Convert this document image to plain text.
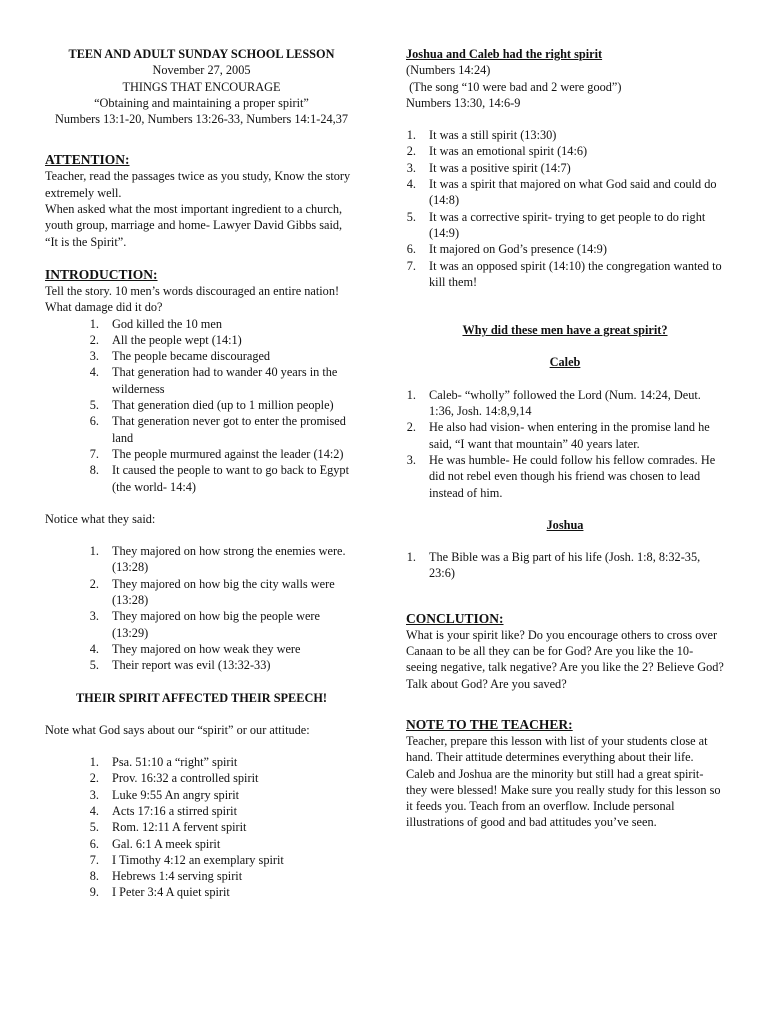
TEEN AND ADULT SUNDAY SCHOOL LESSON
November 27, 2005
THINGS THAT ENCOURAGE
“Obtaining and maintaining a proper spirit”
Numbers 13:1-20, Numbers 13:26-33, Numbers 14:1-24,37
ATTENTION:
Teacher, read the passages twice as you study, Know the story extremely well.
When asked what the most important ingredient to a church, youth group, marriage and home- Lawyer David Gibbs said, “It is the Spirit”.
INTRODUCTION:
Tell the story. 10 men’s words discouraged an entire nation! What damage did it do?
1.	God killed the 10 men
2.	All the people wept (14:1)
3.	The people became discouraged
4.	That generation had to wander 40 years in the wilderness
5.	That generation died (up to 1 million people)
6.	That generation never got to enter the promised land
7.	The people murmured against the leader (14:2)
8.	It caused the people to want to go back to Egypt (the world- 14:4)
Notice what they said:
1.	They majored on how strong the enemies were. (13:28)
2.	They majored on how big the city walls were (13:28)
3.	They majored on how big the people were (13:29)
4.	They majored on how weak they were
5.	Their report was evil (13:32-33)
THEIR SPIRIT AFFECTED THEIR SPEECH!
Note what God says about our “spirit” or our attitude:
1.	Psa. 51:10 a “right” spirit
2.	Prov. 16:32 a controlled spirit
3.	Luke 9:55 An angry spirit
4.	Acts 17:16 a stirred spirit
5.	Rom. 12:11 A fervent spirit
6.	Gal. 6:1 A meek spirit
7.	I Timothy 4:12 an exemplary spirit
8.	Hebrews 1:4 serving spirit
9.	I Peter 3:4 A quiet spirit
Joshua and Caleb had the right spirit
(Numbers 14:24)
(The song “10 were bad and 2 were good”)
Numbers 13:30, 14:6-9
1.	It was a still spirit (13:30)
2.	It was an emotional spirit (14:6)
3.	It was a positive spirit (14:7)
4.	It was a spirit that majored on what God said and could do (14:8)
5.	It was a corrective spirit- trying to get people to do right (14:9)
6.	It majored on God’s presence (14:9)
7.	It was an opposed spirit (14:10) the congregation wanted to kill them!
Why did these men have a great spirit?
Caleb
1.	Caleb- “wholly” followed the Lord (Num. 14:24, Deut. 1:36, Josh. 14:8,9,14
2.	He also had vision- when entering in the promise land he said, “I want that mountain” 40 years later.
3.	He was humble- He could follow his fellow comrades. He did not rebel even though his friend was chosen to lead instead of him.
Joshua
1.	The Bible was a Big part of his life (Josh. 1:8, 8:32-35, 23:6)
CONCLUTION:
What is your spirit like? Do you encourage others to cross over Canaan to be all they can be for God? Are you like the 10- seeing negative, talk negative? Are you like the 2? Believe God? Talk about God? Are you saved?
NOTE TO THE TEACHER:
Teacher, prepare this lesson with list of your students close at hand. Their attitude determines everything about their life. Caleb and Joshua are the minority but still had a great spirit- they were blessed! Make sure you really study for this lesson so it feeds you. Teach from an overflow. Include personal illustrations of good and bad attitudes you’ve seen.
